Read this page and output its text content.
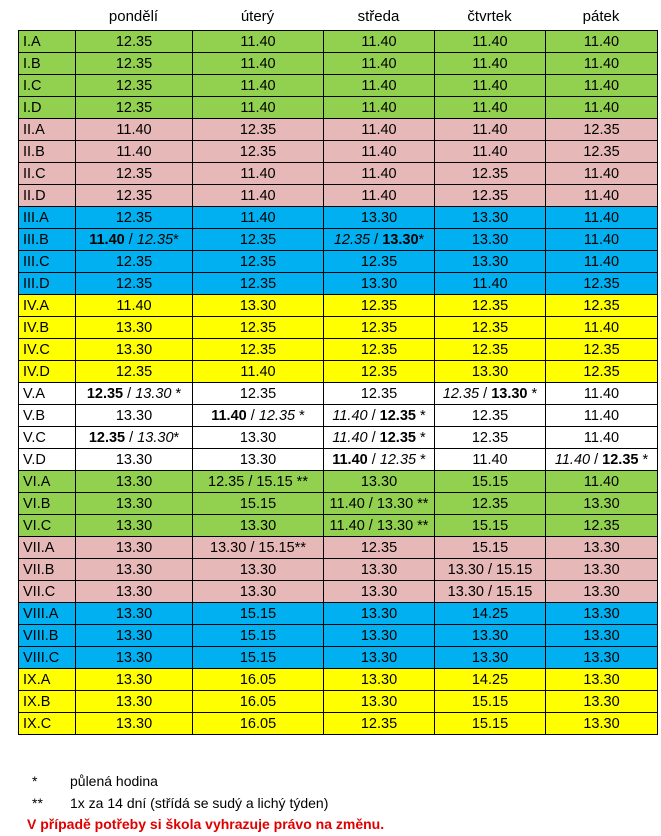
pondělí	úterý	středa	čtvrtek	pátek
I.A	12.35	11.40	11.40	11.40	11.40
I.B	12.35	11.40	11.40	11.40	11.40
I.C	12.35	11.40	11.40	11.40	11.40
I.D	12.35	11.40	11.40	11.40	11.40
II.A	11.40	12.35	11.40	11.40	12.35
II.B	11.40	12.35	11.40	11.40	12.35
II.C	12.35	11.40	11.40	12.35	11.40
II.D	12.35	11.40	11.40	12.35	11.40
III.A	12.35	11.40	13.30	13.30	11.40
III.B	11.40 / 12.35*	12.35	12.35 / 13.30*	13.30	11.40
III.C	12.35	12.35	12.35	13.30	11.40
III.D	12.35	12.35	13.30	11.40	12.35
IV.A	11.40	13.30	12.35	12.35	12.35
IV.B	13.30	12.35	12.35	12.35	11.40
IV.C	13.30	12.35	12.35	12.35	12.35
IV.D	12.35	11.40	12.35	13.30	12.35
V.A	12.35 / 13.30 *	12.35	12.35	12.35 / 13.30 *	11.40
V.B	13.30	11.40 / 12.35 *	11.40 / 12.35 *	12.35	11.40
V.C	12.35 / 13.30*	13.30	11.40 / 12.35 *	12.35	11.40
V.D	13.30	13.30	11.40 / 12.35 *	11.40	11.40 / 12.35 *
VI.A	13.30	12.35 / 15.15 **	13.30	15.15	11.40
VI.B	13.30	15.15	11.40 / 13.30 **	12.35	13.30
VI.C	13.30	13.30	11.40 / 13.30 **	15.15	12.35
VII.A	13.30	13.30 / 15.15**	12.35	15.15	13.30
VII.B	13.30	13.30	13.30	13.30 / 15.15	13.30
VII.C	13.30	13.30	13.30	13.30 / 15.15	13.30
VIII.A	13.30	15.15	13.30	14.25	13.30
VIII.B	13.30	15.15	13.30	13.30	13.30
VIII.C	13.30	15.15	13.30	13.30	13.30
IX.A	13.30	16.05	13.30	14.25	13.30
IX.B	13.30	16.05	13.30	15.15	13.30
IX.C	13.30	16.05	12.35	15.15	13.30
* půlená hodina
** 1x za 14 dní (střídá se sudý a lichý týden)
V případě potřeby si škola vyhrazuje právo na změnu.
